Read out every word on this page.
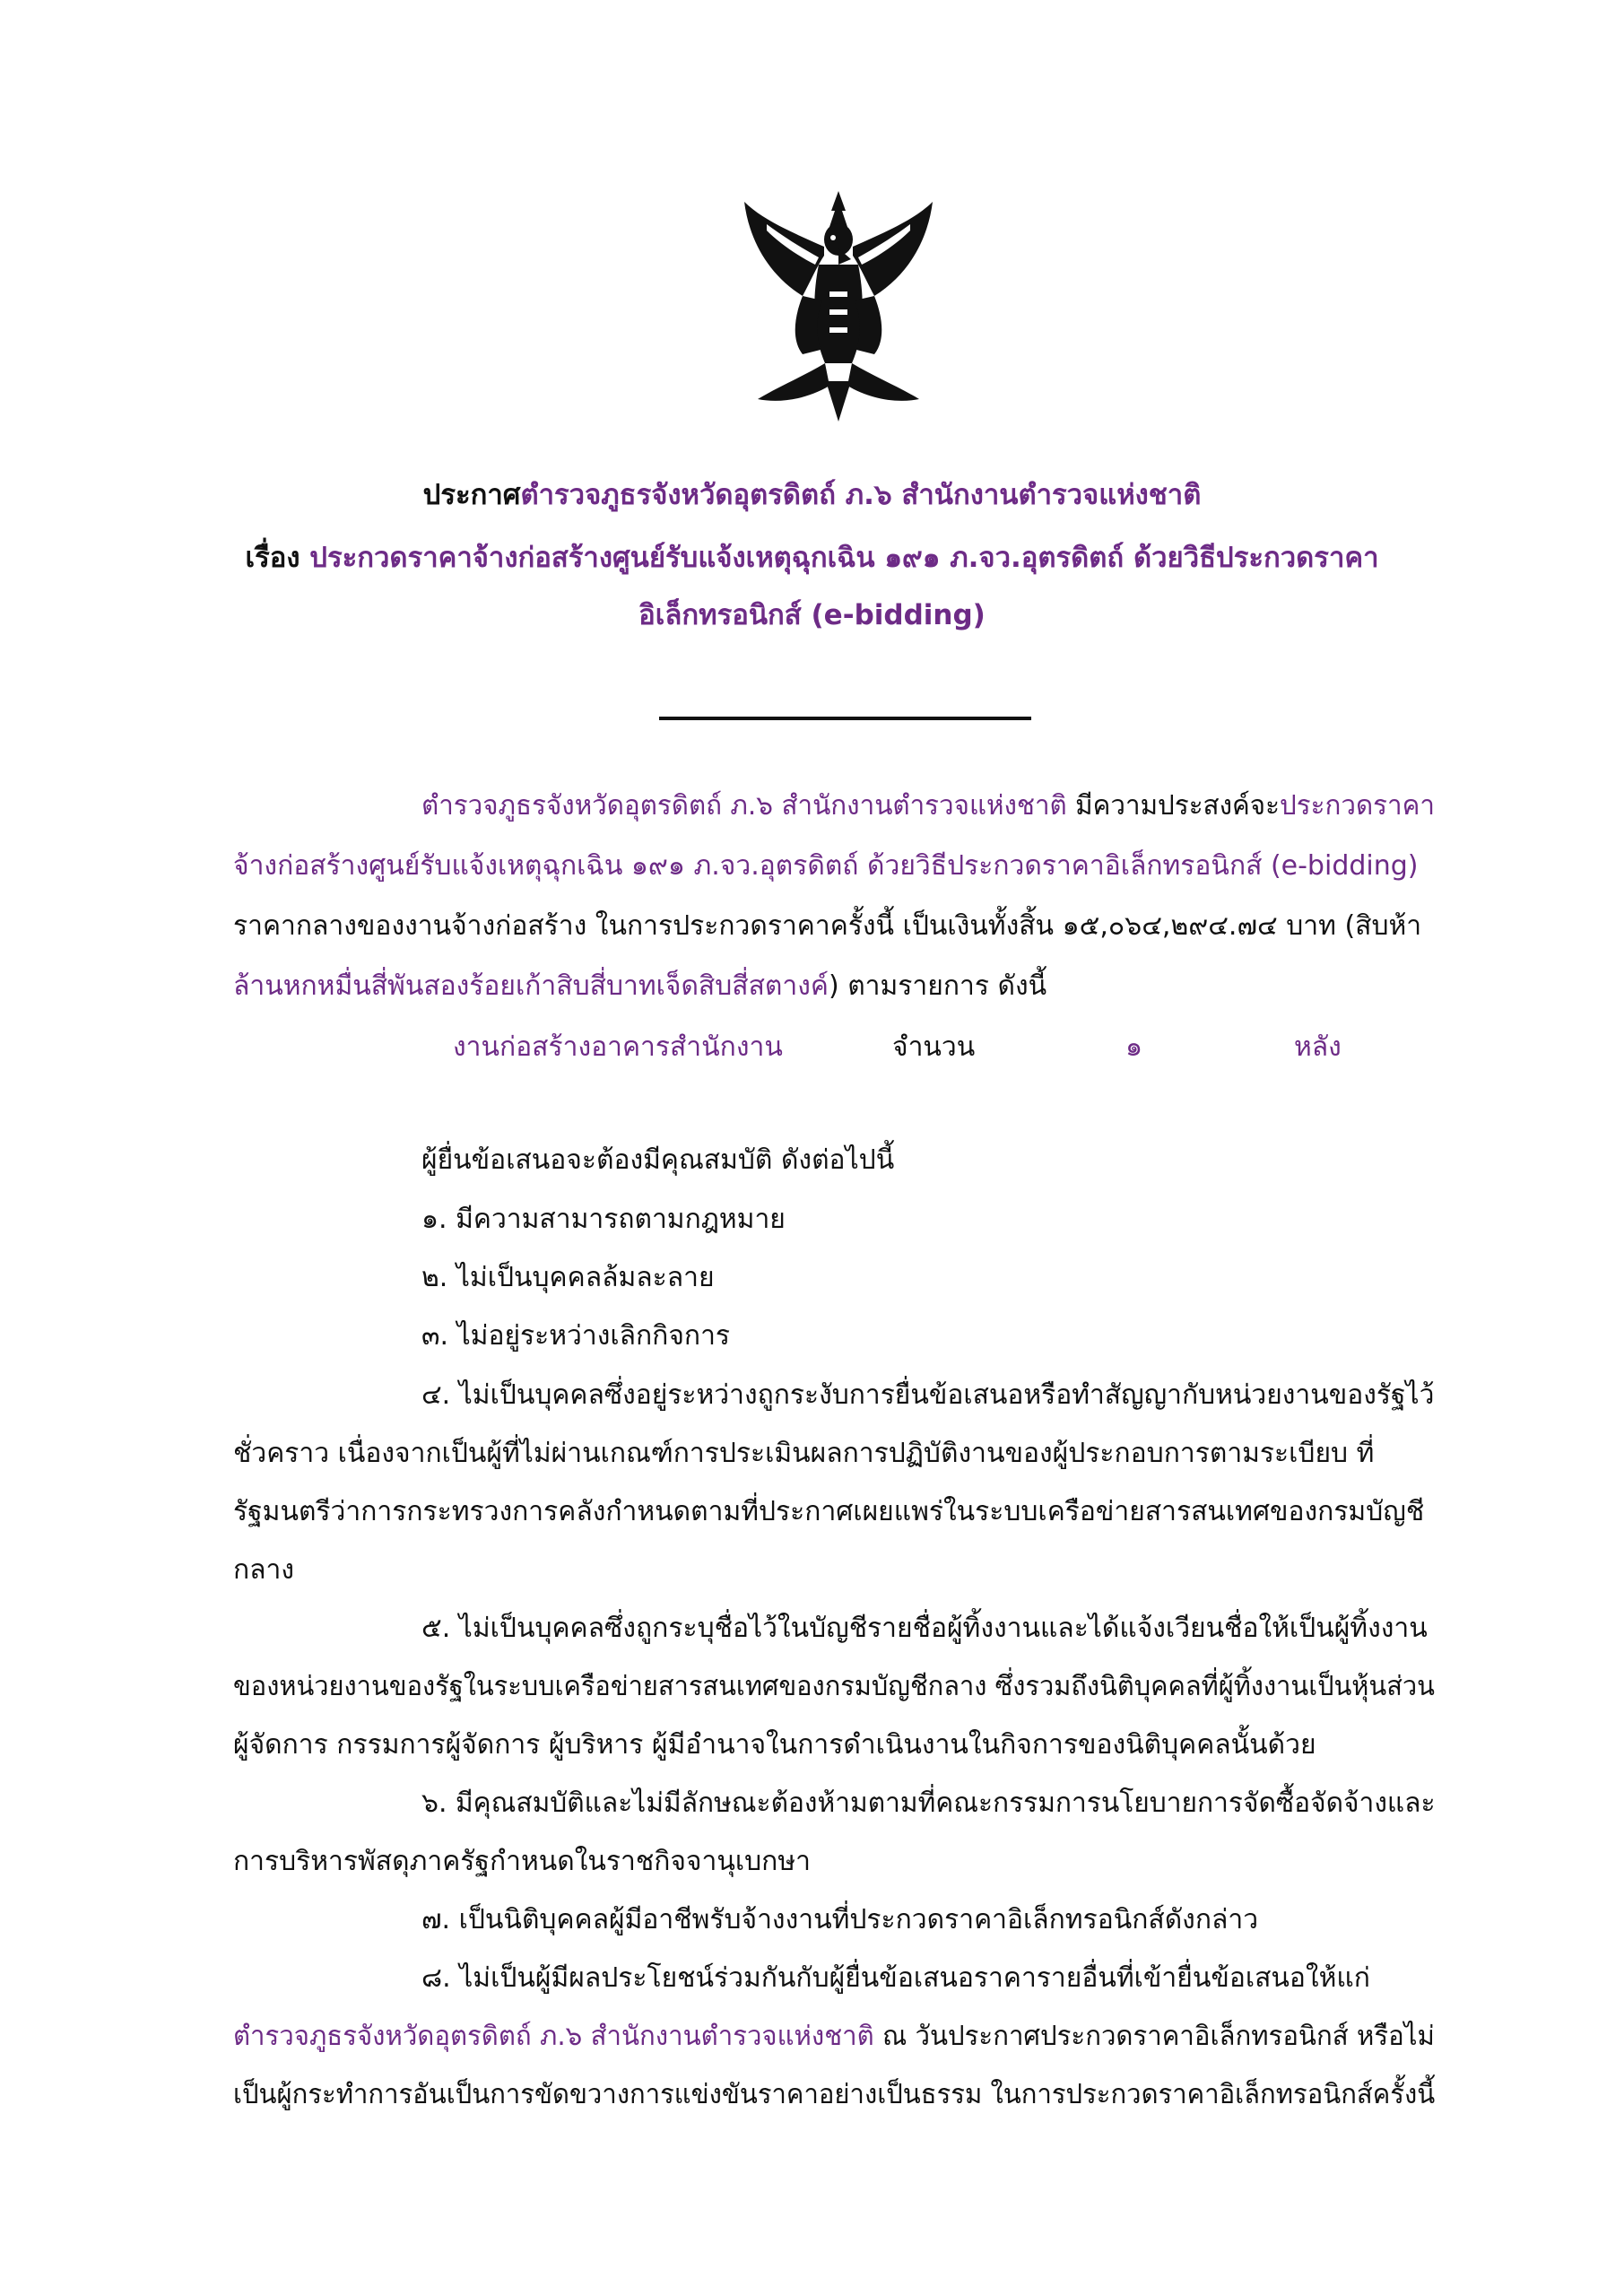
ประกาศตำรวจภูธรจังหวัดอุตรดิตถ์ ภ.๖ สำนักงานตำรวจแห่งชาติ
เรื่อง ประกวดราคาจ้างก่อสร้างศูนย์รับแจ้งเหตุฉุกเฉิน ๑๙๑ ภ.จว.อุตรดิตถ์ ด้วยวิธีประกวดราคา
อิเล็กทรอนิกส์ (e-bidding)
ตำรวจภูธรจังหวัดอุตรดิตถ์ ภ.๖ สำนักงานตำรวจแห่งชาติ มีความประสงค์จะประกวดราคา
จ้างก่อสร้างศูนย์รับแจ้งเหตุฉุกเฉิน ๑๙๑ ภ.จว.อุตรดิตถ์ ด้วยวิธีประกวดราคาอิเล็กทรอนิกส์ (e-bidding)
ราคากลางของงานจ้างก่อสร้าง ในการประกวดราคาครั้งนี้ เป็นเงินทั้งสิ้น ๑๕,๐๖๔,๒๙๔.๗๔ บาท (สิบห้า
ล้านหกหมื่นสี่พันสองร้อยเก้าสิบสี่บาทเจ็ดสิบสี่สตางค์) ตามรายการ ดังนี้
งานก่อสร้างอาคารสำนักงาน	จำนวน	๑	หลัง
ผู้ยื่นข้อเสนอจะต้องมีคุณสมบัติ ดังต่อไปนี้
๑. มีความสามารถตามกฎหมาย
๒. ไม่เป็นบุคคลล้มละลาย
๓. ไม่อยู่ระหว่างเลิกกิจการ
๔. ไม่เป็นบุคคลซึ่งอยู่ระหว่างถูกระงับการยื่นข้อเสนอหรือทำสัญญากับหน่วยงานของรัฐไว้
ชั่วคราว เนื่องจากเป็นผู้ที่ไม่ผ่านเกณฑ์การประเมินผลการปฏิบัติงานของผู้ประกอบการตามระเบียบ ที่
รัฐมนตรีว่าการกระทรวงการคลังกำหนดตามที่ประกาศเผยแพร่ในระบบเครือข่ายสารสนเทศของกรมบัญชี
กลาง
๕. ไม่เป็นบุคคลซึ่งถูกระบุชื่อไว้ในบัญชีรายชื่อผู้ทิ้งงานและได้แจ้งเวียนชื่อให้เป็นผู้ทิ้งงาน
ของหน่วยงานของรัฐในระบบเครือข่ายสารสนเทศของกรมบัญชีกลาง ซึ่งรวมถึงนิติบุคคลที่ผู้ทิ้งงานเป็นหุ้นส่วน
ผู้จัดการ กรรมการผู้จัดการ ผู้บริหาร ผู้มีอำนาจในการดำเนินงานในกิจการของนิติบุคคลนั้นด้วย
๖. มีคุณสมบัติและไม่มีลักษณะต้องห้ามตามที่คณะกรรมการนโยบายการจัดซื้อจัดจ้างและ
การบริหารพัสดุภาครัฐกำหนดในราชกิจจานุเบกษา
๗. เป็นนิติบุคคลผู้มีอาชีพรับจ้างงานที่ประกวดราคาอิเล็กทรอนิกส์ดังกล่าว
๘. ไม่เป็นผู้มีผลประโยชน์ร่วมกันกับผู้ยื่นข้อเสนอราคารายอื่นที่เข้ายื่นข้อเสนอให้แก่
ตำรวจภูธรจังหวัดอุตรดิตถ์ ภ.๖ สำนักงานตำรวจแห่งชาติ ณ วันประกาศประกวดราคาอิเล็กทรอนิกส์ หรือไม่
เป็นผู้กระทำการอันเป็นการขัดขวางการแข่งขันราคาอย่างเป็นธรรม ในการประกวดราคาอิเล็กทรอนิกส์ครั้งนี้
